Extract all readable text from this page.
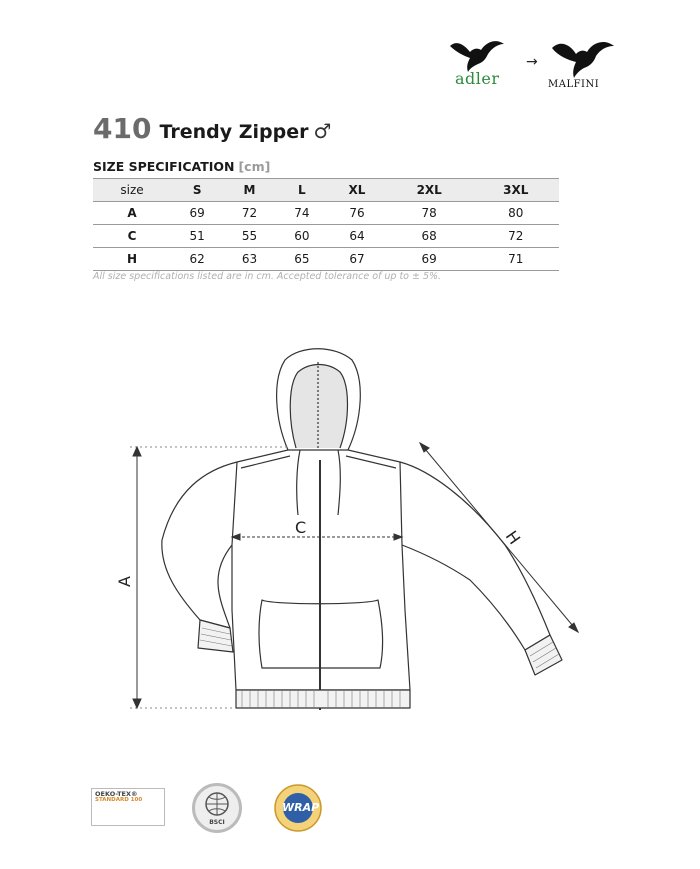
adler
→
MALFINI
410 Trendy Zipper ♂
SIZE SPECIFICATION [cm]
size	S	M	L	XL	2XL	3XL
A	69	72	74	76	78	80
C	51	55	60	64	68	72
H	62	63	65	67	69	71
All size specifications listed are in cm. Accepted tolerance of up to ± 5%.
A
C	H
OEKO-TEX®
STANDARD 100
BSCI
WRAP
